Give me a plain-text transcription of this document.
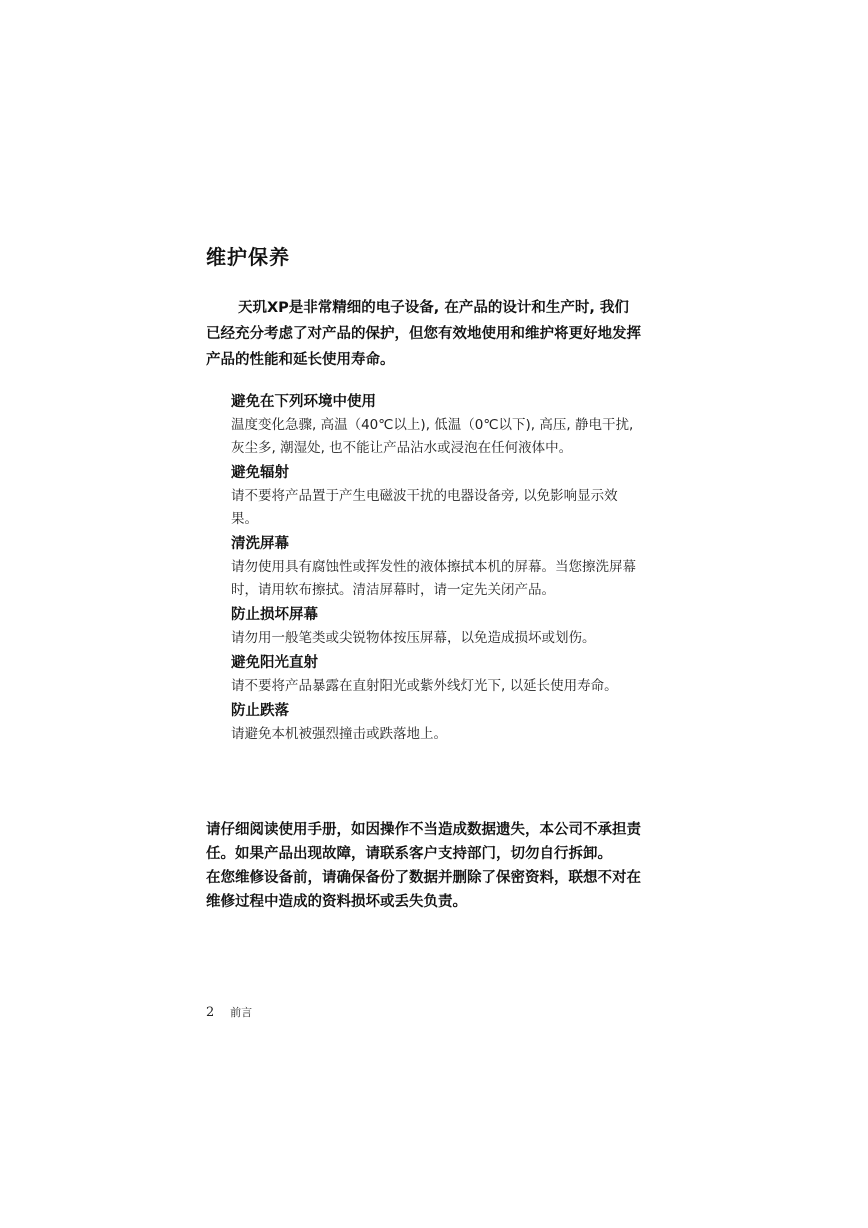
维护保养

天玑XP是非常精细的电子设备, 在产品的设计和生产时, 我们已经充分考虑了对产品的保护，但您有效地使用和维护将更好地发挥产品的性能和延长使用寿命。

避免在下列环境中使用

温度变化急骤, 高温（40℃以上), 低温（0℃以下), 高压, 静电干扰, 灰尘多, 潮湿处, 也不能让产品沾水或浸泡在任何液体中。

避免辐射

请不要将产品置于产生电磁波干扰的电器设备旁, 以免影响显示效果。

清洗屏幕

请勿使用具有腐蚀性或挥发性的液体擦拭本机的屏幕。当您擦洗屏幕时，请用软布擦拭。清洁屏幕时，请一定先关闭产品。

防止损坏屏幕

请勿用一般笔类或尖锐物体按压屏幕，以免造成损坏或划伤。

避免阳光直射

请不要将产品暴露在直射阳光或紫外线灯光下, 以延长使用寿命。

防止跌落

请避免本机被强烈撞击或跌落地上。

请仔细阅读使用手册，如因操作不当造成数据遗失，本公司不承担责任。如果产品出现故障，请联系客户支持部门，切勿自行拆卸。

在您维修设备前，请确保备份了数据并删除了保密资料，联想不对在维修过程中造成的资料损坏或丢失负责。

2 前言
